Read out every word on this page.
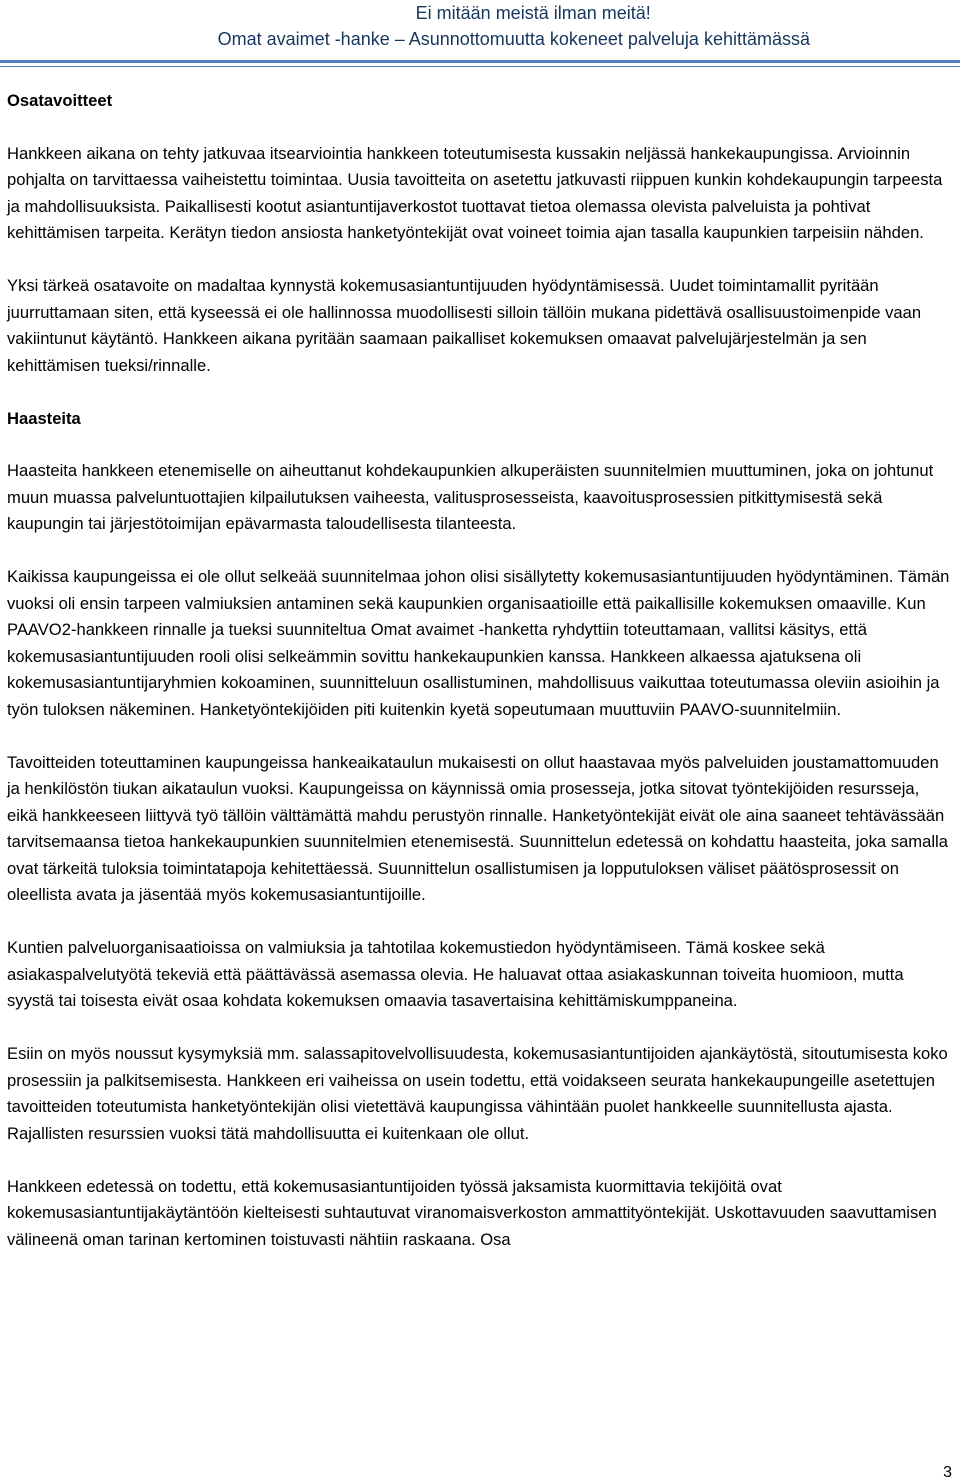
Ei mitään meistä ilman meitä!
Omat avaimet -hanke – Asunnottomuutta kokeneet palveluja kehittämässä
Osatavoitteet
Hankkeen aikana on tehty jatkuvaa itsearviointia hankkeen toteutumisesta kussakin neljässä hankekaupungissa. Arvioinnin pohjalta on tarvittaessa vaiheistettu toimintaa. Uusia tavoitteita on asetettu jatkuvasti riippuen kunkin kohdekaupungin tarpeesta ja mahdollisuuksista. Paikallisesti kootut asiantuntijaverkostot tuottavat tietoa olemassa olevista palveluista ja pohtivat kehittämisen tarpeita. Kerätyn tiedon ansiosta hanketyöntekijät ovat voineet toimia ajan tasalla kaupunkien tarpeisiin nähden.
Yksi tärkeä osatavoite on madaltaa kynnystä kokemusasiantuntijuuden hyödyntämisessä. Uudet toimintamallit pyritään juurruttamaan siten, että kyseessä ei ole hallinnossa muodollisesti silloin tällöin mukana pidettävä osallisuustoimenpide vaan vakiintunut käytäntö. Hankkeen aikana pyritään saamaan paikalliset kokemuksen omaavat palvelujärjestelmän ja sen kehittämisen tueksi/rinnalle.
Haasteita
Haasteita hankkeen etenemiselle on aiheuttanut kohdekaupunkien alkuperäisten suunnitelmien muuttuminen, joka on johtunut muun muassa palveluntuottajien kilpailutuksen vaiheesta, valitusprosesseista, kaavoitusprosessien pitkittymisestä sekä kaupungin tai järjestötoimijan epävarmasta taloudellisesta tilanteesta.
Kaikissa kaupungeissa ei ole ollut selkeää suunnitelmaa johon olisi sisällytetty kokemusasiantuntijuuden hyödyntäminen. Tämän vuoksi oli ensin tarpeen valmiuksien antaminen sekä kaupunkien organisaatioille että paikallisille kokemuksen omaaville. Kun PAAVO2-hankkeen rinnalle ja tueksi suunniteltua Omat avaimet -hanketta ryhdyttiin toteuttamaan, vallitsi käsitys, että kokemusasiantuntijuuden rooli olisi selkeämmin sovittu hankekaupunkien kanssa. Hankkeen alkaessa ajatuksena oli kokemusasiantuntijaryhmien kokoaminen, suunnitteluun osallistuminen, mahdollisuus vaikuttaa toteutumassa oleviin asioihin ja työn tuloksen näkeminen. Hanketyöntekijöiden piti kuitenkin kyetä sopeutumaan muuttuviin PAAVO-suunnitelmiin.
Tavoitteiden toteuttaminen kaupungeissa hankeaikataulun mukaisesti on ollut haastavaa myös palveluiden joustamattomuuden ja henkilöstön tiukan aikataulun vuoksi. Kaupungeissa on käynnissä omia prosesseja, jotka sitovat työntekijöiden resursseja, eikä hankkeeseen liittyvä työ tällöin välttämättä mahdu perustyön rinnalle. Hanketyöntekijät eivät ole aina saaneet tehtävässään tarvitsemaansa tietoa hankekaupunkien suunnitelmien etenemisestä. Suunnittelun edetessä on kohdattu haasteita, joka samalla ovat tärkeitä tuloksia toimintatapoja kehitettäessä. Suunnittelun osallistumisen ja lopputuloksen väliset päätösprosessit on oleellista avata ja jäsentää myös kokemusasiantuntijoille.
Kuntien palveluorganisaatioissa on valmiuksia ja tahtotilaa kokemustiedon hyödyntämiseen. Tämä koskee sekä asiakaspalvelutyötä tekeviä että päättävässä asemassa olevia. He haluavat ottaa asiakaskunnan toiveita huomioon, mutta syystä tai toisesta eivät osaa kohdata kokemuksen omaavia tasavertaisina kehittämiskumppaneina.
Esiin on myös noussut kysymyksiä mm. salassapitovelvollisuudesta, kokemusasiantuntijoiden ajankäytöstä, sitoutumisesta koko prosessiin ja palkitsemisesta. Hankkeen eri vaiheissa on usein todettu, että voidakseen seurata hankekaupungeille asetettujen tavoitteiden toteutumista hanketyöntekijän olisi vietettävä kaupungissa vähintään puolet hankkeelle suunnitellusta ajasta. Rajallisten resurssien vuoksi tätä mahdollisuutta ei kuitenkaan ole ollut.
Hankkeen edetessä on todettu, että kokemusasiantuntijoiden työssä jaksamista kuormittavia tekijöitä ovat kokemusasiantuntijakäytäntöön kielteisesti suhtautuvat viranomaisverkoston ammattityöntekijät. Uskottavuuden saavuttamisen välineenä oman tarinan kertominen toistuvasti nähtiin raskaana. Osa
3
